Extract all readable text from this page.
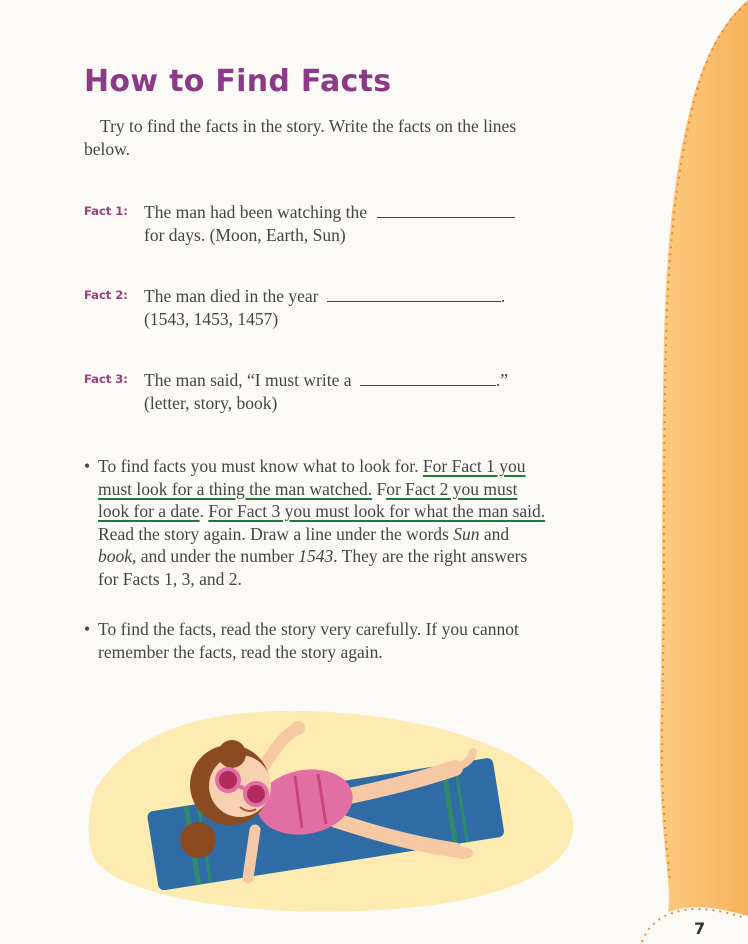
How to Find Facts

Try to find the facts in the story. Write the facts on the lines below.

Fact 1: The man had been watching the
for days. (Moon, Earth, Sun)
Fact 2: The man died in the year	.
(1543, 1453, 1457)
Fact 3: The man said, “I must write a	.”
(letter, story, book)
• To find facts you must know what to look for. For Fact 1 you must look for a thing the man watched. For Fact 2 you must look for a date. For Fact 3 you must look for what the man said. Read the story again. Draw a line under the words Sun and book, and under the number 1543. They are the right answers for Facts 1, 3, and 2.
• To find the facts, read the story very carefully. If you cannot remember the facts, read the story again.
7
